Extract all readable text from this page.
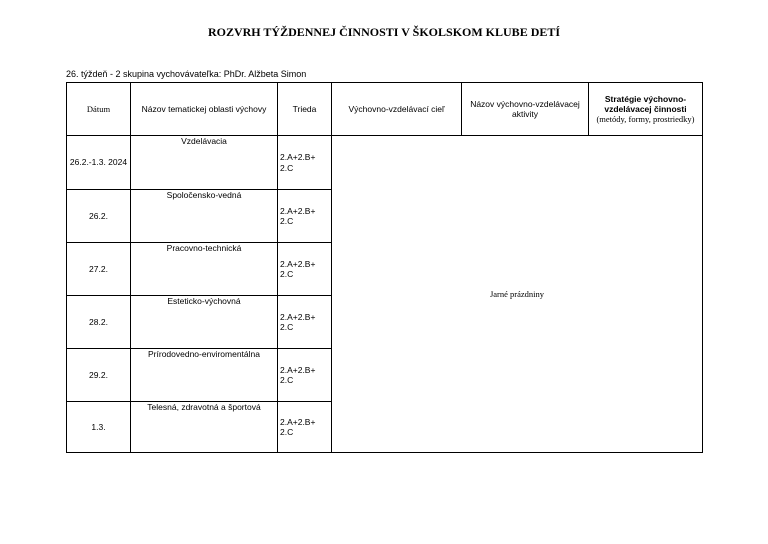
ROZVRH TÝŽDENNEJ ČINNOSTI V ŠKOLSKOM KLUBE DETÍ
26. týždeň - 2 skupina vychovávateľka: PhDr. Alžbeta Simon
Dátum	Názov tematickej oblasti výchovy	Trieda	Výchovno-vzdelávací cieľ	Názov výchovno-vzdelávacej aktivity	Stratégie výchovno-vzdelávacej činnosti (metódy, formy, prostriedky)
26.2.-1.3. 2024	Vzdelávacia	2.A+2.B+ 2.C	Jarné prázdniny		
26.2.	Spoločensko-vedná	2.A+2.B+ 2.C			
27.2.	Pracovno-technická	2.A+2.B+ 2.C			
28.2.	Esteticko-výchovná	2.A+2.B+ 2.C			
29.2.	Prírodovedno-enviromentálna	2.A+2.B+ 2.C			
1.3.	Telesná, zdravotná a športová	2.A+2.B+ 2.C			
